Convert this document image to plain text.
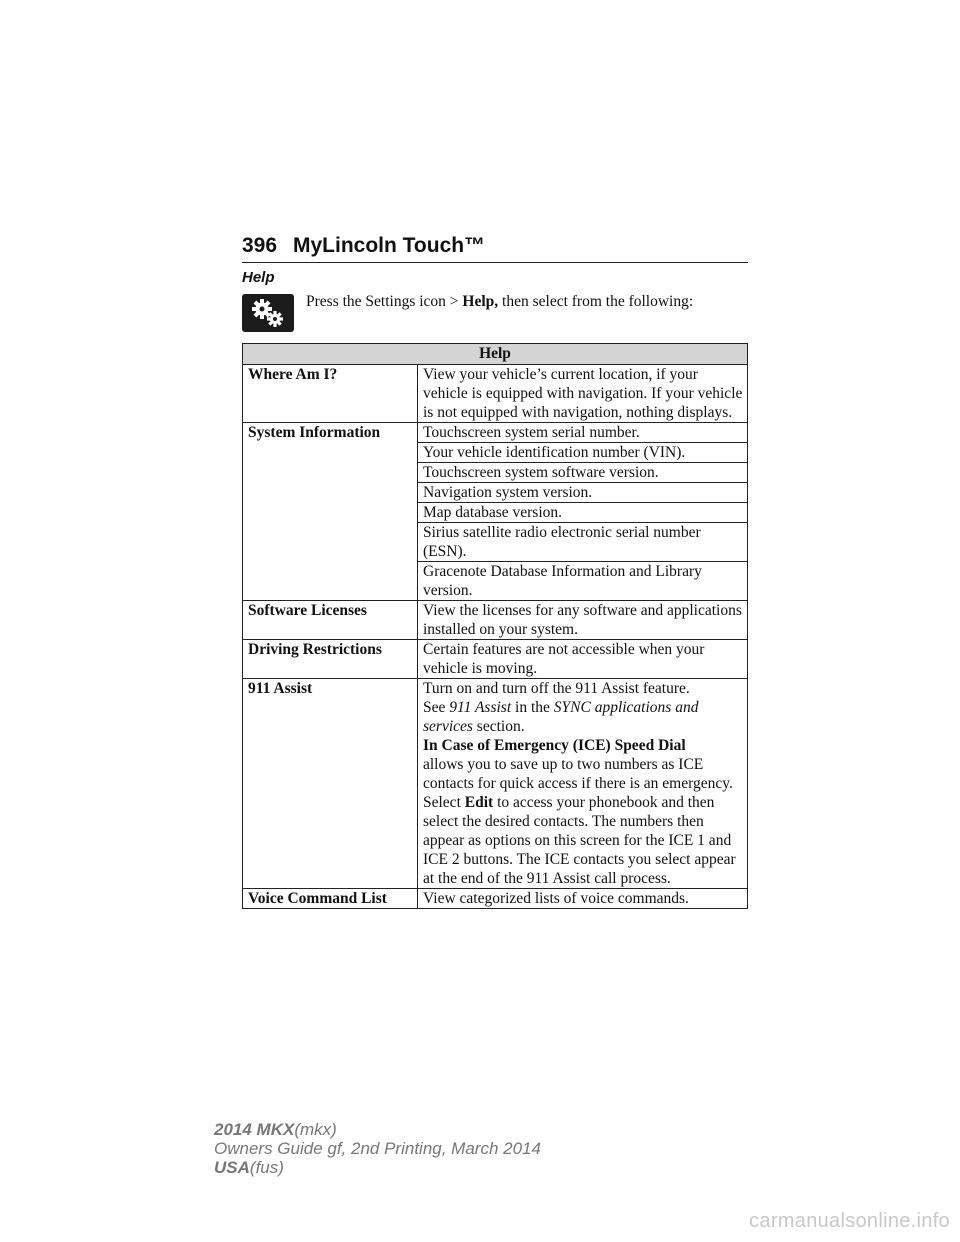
396 MyLincoln Touch™
Help
Press the Settings icon > Help, then select from the following:
Help	
Where Am I?	View your vehicle’s current location, if your vehicle is equipped with navigation. If your vehicle is not equipped with navigation, nothing displays.
System Information	Touchscreen system serial number.
	Your vehicle identification number (VIN).
	Touchscreen system software version.
	Navigation system version.
	Map database version.
	Sirius satellite radio electronic serial number (ESN).
	Gracenote Database Information and Library version.
Software Licenses	View the licenses for any software and applications installed on your system.
Driving Restrictions	Certain features are not accessible when your vehicle is moving.
911 Assist	Turn on and turn off the 911 Assist feature.
See 911 Assist in the SYNC applications and services section.
In Case of Emergency (ICE) Speed Dial
allows you to save up to two numbers as ICE contacts for quick access if there is an emergency. Select Edit to access your phonebook and then select the desired contacts. The numbers then appear as options on this screen for the ICE 1 and ICE 2 buttons. The ICE contacts you select appear at the end of the 911 Assist call process.
Voice Command List	View categorized lists of voice commands.
2014 MKX(mkx)
Owners Guide gf, 2nd Printing, March 2014
USA(fus)
carmanualsonline.info
